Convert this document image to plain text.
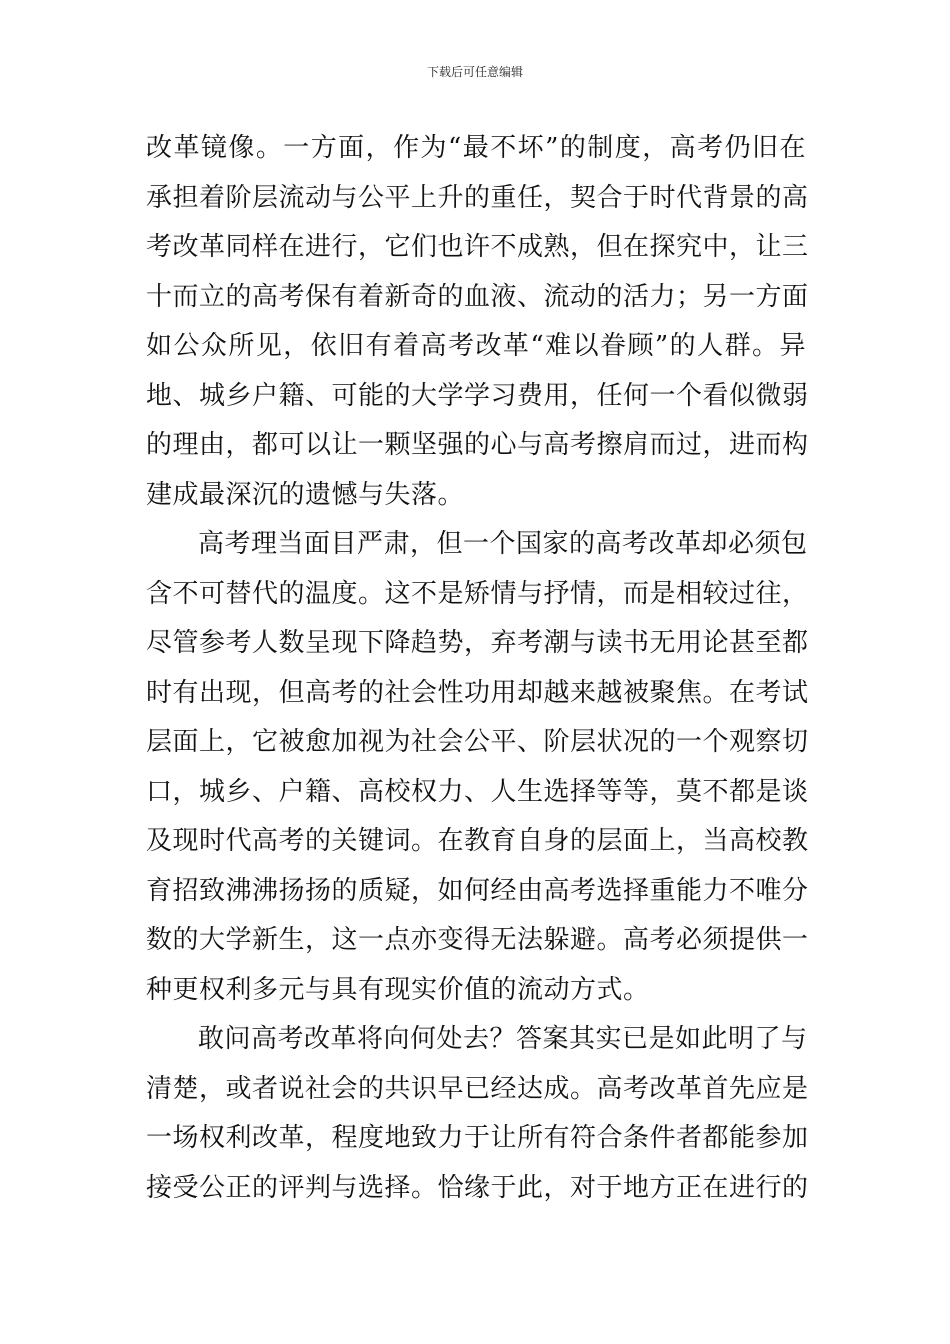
下载后可任意编辑
改革镜像。一方面，作为“最不坏”的制度，高考仍旧在
承担着阶层流动与公平上升的重任，契合于时代背景的高
考改革同样在进行，它们也许不成熟，但在探究中，让三
十而立的高考保有着新奇的血液、流动的活力；另一方面
如公众所见，依旧有着高考改革“难以眷顾”的人群。异
地、城乡户籍、可能的大学学习费用，任何一个看似微弱
的理由，都可以让一颗坚强的心与高考擦肩而过，进而构
建成最深沉的遗憾与失落。
高考理当面目严肃，但一个国家的高考改革却必须包
含不可替代的温度。这不是矫情与抒情，而是相较过往，
尽管参考人数呈现下降趋势，弃考潮与读书无用论甚至都
时有出现，但高考的社会性功用却越来越被聚焦。在考试
层面上，它被愈加视为社会公平、阶层状况的一个观察切
口，城乡、户籍、高校权力、人生选择等等，莫不都是谈
及现时代高考的关键词。在教育自身的层面上，当高校教
育招致沸沸扬扬的质疑，如何经由高考选择重能力不唯分
数的大学新生，这一点亦变得无法躲避。高考必须提供一
种更权利多元与具有现实价值的流动方式。
敢问高考改革将向何处去？答案其实已是如此明了与
清楚，或者说社会的共识早已经达成。高考改革首先应是
一场权利改革，程度地致力于让所有符合条件者都能参加
接受公正的评判与选择。恰缘于此，对于地方正在进行的
